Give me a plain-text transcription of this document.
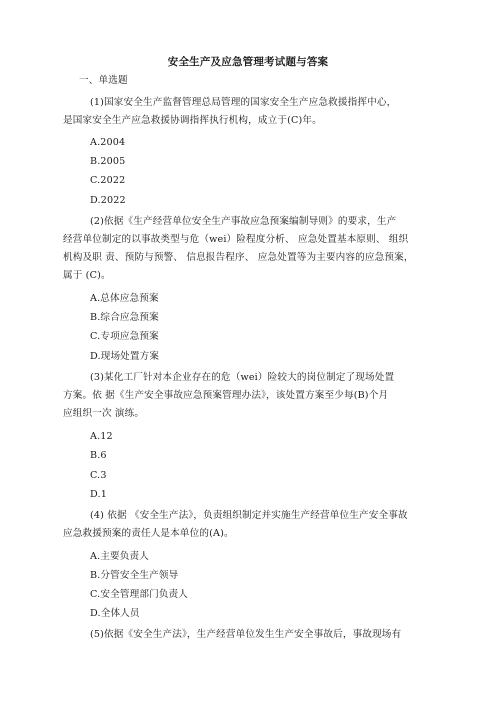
安全生产及应急管理考试题与答案
一、单选题
(1)国家安全生产监督管理总局管理的国家安全生产应急救援指挥中心，
是国家安全生产应急救援协调指挥执行机构，成立于(C)年。
A.2004
B.2005
C.2022
D.2022
(2)依据《生产经营单位安全生产事故应急预案编制导则》的要求，生产
经营单位制定的以事故类型与危（wei）险程度分析、 应急处置基本原则、 组织
机构及职 责、预防与预警、 信息报告程序、 应急处置等为主要内容的应急预案，
属于 (C)。
A.总体应急预案
B.综合应急预案
C.专项应急预案
D.现场处置方案
(3)某化工厂针对本企业存在的危（wei）险较大的岗位制定了现场处置
方案。依 据《生产安全事故应急预案管理办法》，该处置方案至少每(B)个月
应组织一次 演练。
A.12
B.6
C.3
D.1
(4) 依据 《安全生产法》，负责组织制定并实施生产经营单位生产安全事故
应急救援预案的责任人是本单位的(A)。
A.主要负责人
B.分管安全生产领导
C.安全管理部门负责人
D.全体人员
(5)依据《安全生产法》，生产经营单位发生生产安全事故后，事故现场有
